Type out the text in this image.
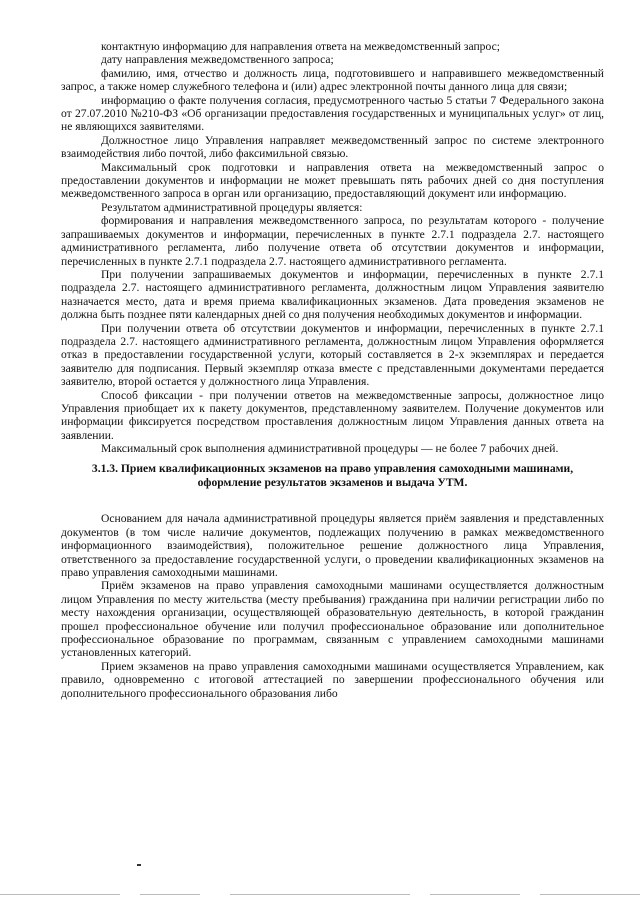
контактную информацию для направления ответа на межведомственный запрос;

дату направления межведомственного запроса;

фамилию, имя, отчество и должность лица, подготовившего и направившего межведомственный запрос, а также номер служебного телефона и (или) адрес электронной почты данного лица для связи;

информацию о факте получения согласия, предусмотренного частью 5 статьи 7 Федерального закона от 27.07.2010 №210-ФЗ «Об организации предоставления государственных и муниципальных услуг» от лиц, не являющихся заявителями.

Должностное лицо Управления направляет межведомственный запрос по системе электронного взаимодействия либо почтой, либо факсимильной связью.

Максимальный срок подготовки и направления ответа на межведомственный запрос о предоставлении документов и информации не может превышать пять рабочих дней со дня поступления межведомственного запроса в орган или организацию, предоставляющий документ или информацию.

Результатом административной процедуры является:

формирования и направления межведомственного запроса, по результатам которого - получение запрашиваемых документов и информации, перечисленных в пункте 2.7.1 подраздела 2.7. настоящего административного регламента, либо получение ответа об отсутствии документов и информации, перечисленных в пункте 2.7.1 подраздела 2.7. настоящего административного регламента.

При получении запрашиваемых документов и информации, перечисленных в пункте 2.7.1 подраздела 2.7. настоящего административного регламента, должностным лицом Управления заявителю назначается место, дата и время приема квалификационных экзаменов. Дата проведения экзаменов не должна быть позднее пяти календарных дней со дня получения необходимых документов и информации.

При получении ответа об отсутствии документов и информации, перечисленных в пункте 2.7.1 подраздела 2.7. настоящего административного регламента, должностным лицом Управления оформляется отказ в предоставлении государственной услуги, который составляется в 2-х экземплярах и передается заявителю для подписания. Первый экземпляр отказа вместе с представленными документами передается заявителю, второй остается у должностного лица Управления.

Способ фиксации - при получении ответов на межведомственные запросы, должностное лицо Управления приобщает их к пакету документов, представленному заявителем. Получение документов или информации фиксируется посредством проставления должностным лицом Управления данных ответа на заявлении.

Максимальный срок выполнения административной процедуры — не более 7 рабочих дней.

3.1.3. Прием квалификационных экзаменов на право управления самоходными машинами, оформление результатов экзаменов и выдача УТМ.

Основанием для начала административной процедуры является приём заявления и представленных документов (в том числе наличие документов, подлежащих получению в рамках межведомственного информационного взаимодействия), положительное решение должностного лица Управления, ответственного за предоставление государственной услуги, о проведении квалификационных экзаменов на право управления самоходными машинами.

Приём экзаменов на право управления самоходными машинами осуществляется должностным лицом Управления по месту жительства (месту пребывания) гражданина при наличии регистрации либо по месту нахождения организации, осуществляющей образовательную деятельность, в которой гражданин прошел профессиональное обучение или получил профессиональное образование или дополнительное профессиональное образование по программам, связанным с управлением самоходными машинами установленных категорий.

Прием экзаменов на право управления самоходными машинами осуществляется Управлением, как правило, одновременно с итоговой аттестацией по завершении профессионального обучения или дополнительного профессионального образования либо
